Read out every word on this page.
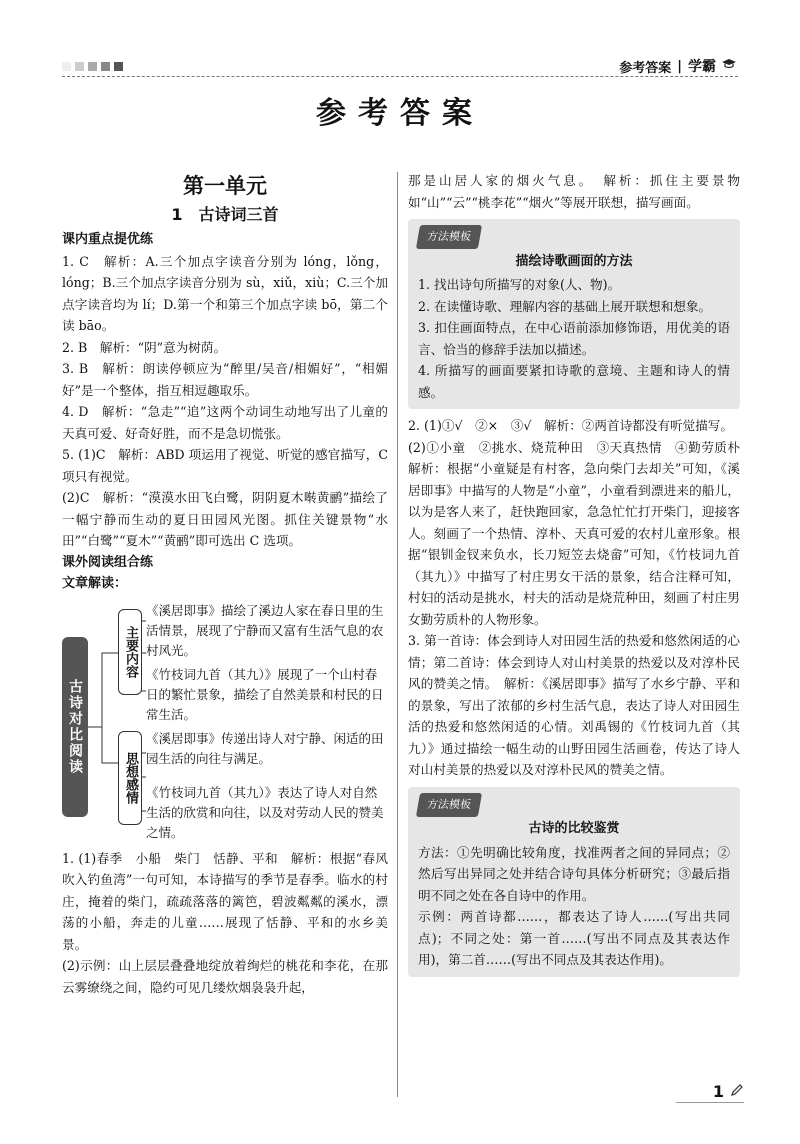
参考答案 | 学霸
参考答案
第一单元
1　古诗词三首
课内重点提优练

1. C　解析：A.三个加点字读音分别为 lóng，lǒng，lóng；B.三个加点字读音分别为 sù，xiǔ，xiù；C.三个加点字读音均为 lí；D.第一个和第三个加点字读 bō，第二个读 bāo。

2. B　解析：“阴”意为树荫。

3. B　解析：朗读停顿应为“醉里/吴音/相媚好”，“相媚好”是一个整体，指互相逗趣取乐。

4. D　解析：“急走”“追”这两个动词生动地写出了儿童的天真可爱、好奇好胜，而不是急切慌张。

5. (1)C　解析：ABD 项运用了视觉、听觉的感官描写，C 项只有视觉。

(2)C　解析：“漠漠水田飞白鹭，阴阴夏木啭黄鹂”描绘了一幅宁静而生动的夏日田园风光图。抓住关键景物“水田”“白鹭”“夏木”“黄鹂”即可选出 C 选项。

课外阅读组合练
文章解读：
古诗对比阅读
主要内容
思想感情
《溪居即事》描绘了溪边人家在春日里的生活情景，展现了宁静而又富有生活气息的农村风光。
《竹枝词九首（其九）》展现了一个山村春日的繁忙景象，描绘了自然美景和村民的日常生活。
《溪居即事》传递出诗人对宁静、闲适的田园生活的向往与满足。
《竹枝词九首（其九）》表达了诗人对自然生活的欣赏和向往，以及对劳动人民的赞美之情。

1. (1)春季　小船　柴门　恬静、平和　解析：根据“春风吹入钓鱼湾”一句可知，本诗描写的季节是春季。临水的村庄，掩着的柴门，疏疏落落的篱笆，碧波粼粼的溪水，漂荡的小船，奔走的儿童……展现了恬静、平和的水乡美景。

(2)示例：山上层层叠叠地绽放着绚烂的桃花和李花，在那云雾缭绕之间，隐约可见几缕炊烟袅袅升起，

那是山居人家的烟火气息。　解析：抓住主要景物如“山”“云”“桃李花”“烟火”等展开联想，描写画面。

方法模板
描绘诗歌画面的方法

1. 找出诗句所描写的对象(人、物)。

2. 在读懂诗歌、理解内容的基础上展开联想和想象。

3. 扣住画面特点，在中心语前添加修饰语，用优美的语言、恰当的修辞手法加以描述。

4. 所描写的画面要紧扣诗歌的意境、主题和诗人的情感。

2. (1)①√　②×　③√　解析：②两首诗都没有听觉描写。

(2)①小童　②挑水、烧荒种田　③天真热情　④勤劳质朴　解析：根据“小童疑是有村客，急向柴门去却关”可知，《溪居即事》中描写的人物是“小童”，小童看到漂进来的船儿，以为是客人来了，赶快跑回家，急急忙忙打开柴门，迎接客人。刻画了一个热情、淳朴、天真可爱的农村儿童形象。根据“银钏金钗来负水，长刀短笠去烧畲”可知，《竹枝词九首（其九）》中描写了村庄男女干活的景象，结合注释可知，村妇的活动是挑水，村夫的活动是烧荒种田，刻画了村庄男女勤劳质朴的人物形象。

3. 第一首诗：体会到诗人对田园生活的热爱和悠然闲适的心情；第二首诗：体会到诗人对山村美景的热爱以及对淳朴民风的赞美之情。　解析：《溪居即事》描写了水乡宁静、平和的景象，写出了浓郁的乡村生活气息，表达了诗人对田园生活的热爱和悠然闲适的心情。刘禹锡的《竹枝词九首（其九）》通过描绘一幅生动的山野田园生活画卷，传达了诗人对山村美景的热爱以及对淳朴民风的赞美之情。

方法模板
古诗的比较鉴赏

方法：①先明确比较角度，找准两者之间的异同点；②然后写出异同之处并结合诗句具体分析研究；③最后指明不同之处在各自诗中的作用。

示例：两首诗都……，都表达了诗人……(写出共同点)；不同之处：第一首……(写出不同点及其表达作用)，第二首……(写出不同点及其表达作用)。

1
